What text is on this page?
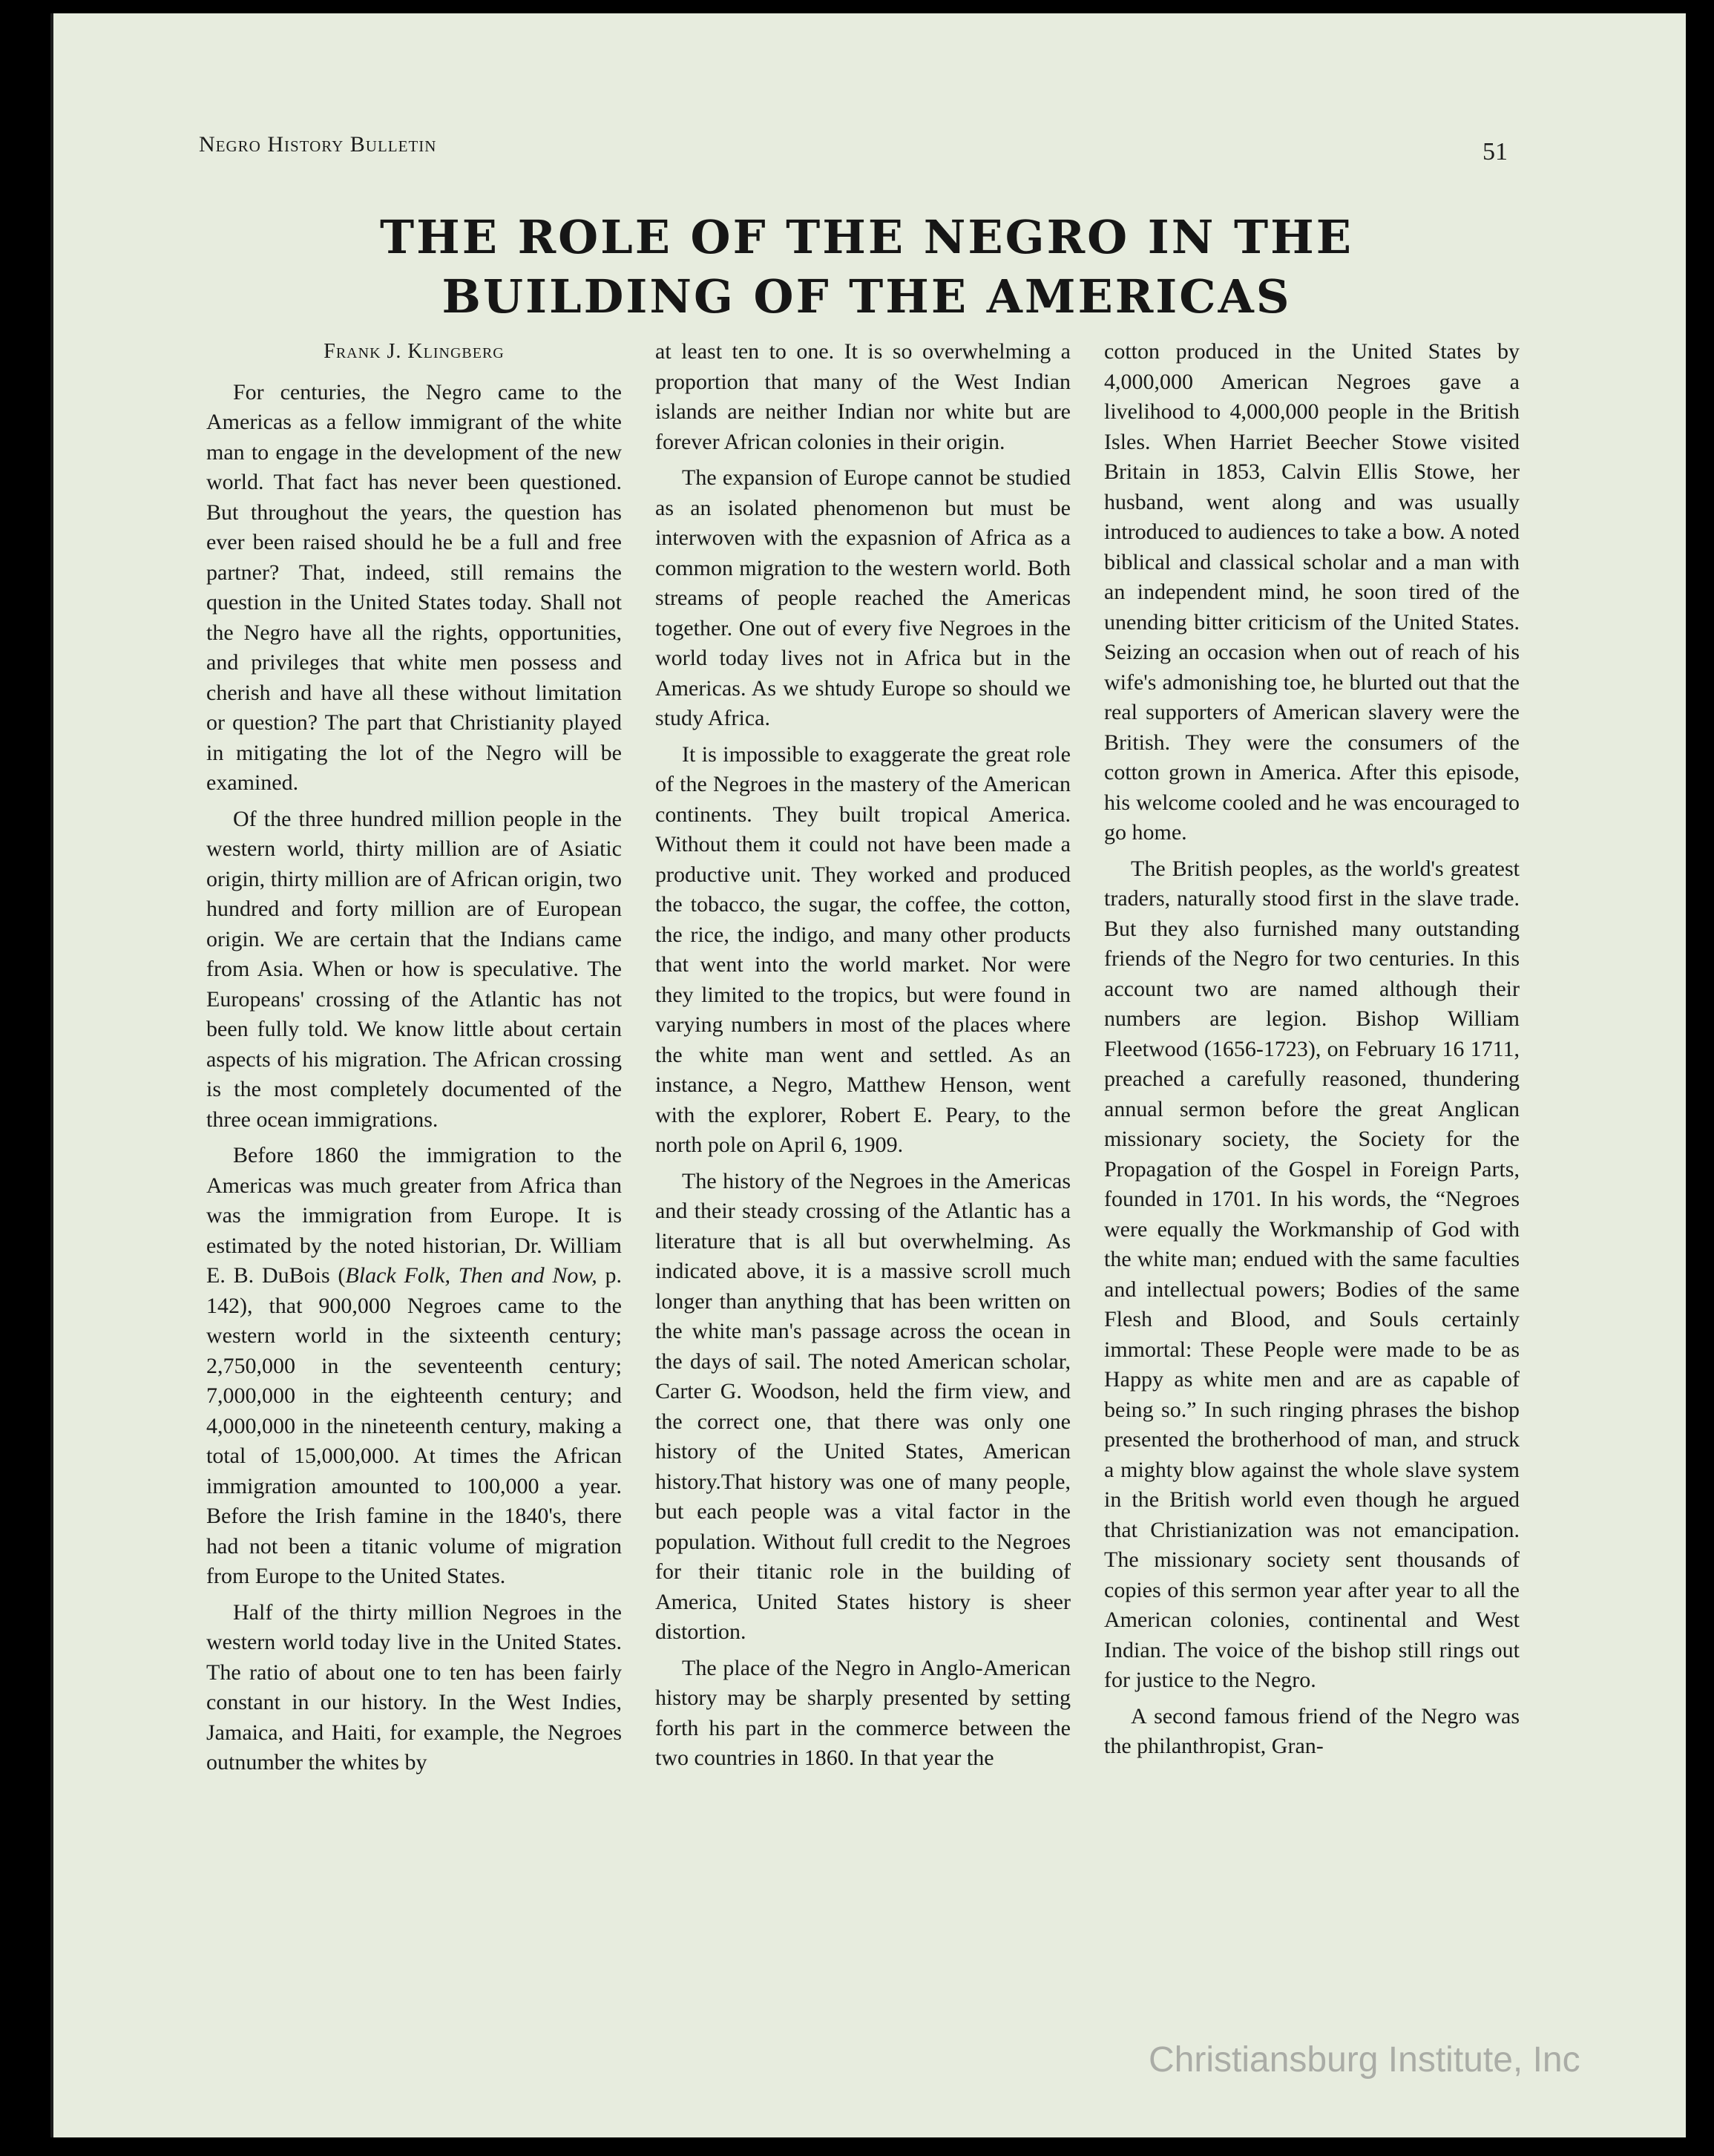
Negro History Bulletin	51
THE ROLE OF THE NEGRO IN THE
BUILDING OF THE AMERICAS
Frank J. Klingberg

For centuries, the Negro came to the Americas as a fellow immigrant of the white man to engage in the development of the new world. That fact has never been questioned. But throughout the years, the question has ever been raised should he be a full and free partner? That, indeed, still remains the question in the United States today. Shall not the Negro have all the rights, opportunities, and privileges that white men possess and cherish and have all these without limitation or question? The part that Christianity played in mitigating the lot of the Negro will be examined.

Of the three hundred million people in the western world, thirty million are of Asiatic origin, thirty million are of African origin, two hundred and forty million are of European origin. We are certain that the Indians came from Asia. When or how is speculative. The Europeans' crossing of the Atlantic has not been fully told. We know little about certain aspects of his migration. The African crossing is the most completely documented of the three ocean immigrations.

Before 1860 the immigration to the Americas was much greater from Africa than was the immigration from Europe. It is estimated by the noted historian, Dr. William E. B. DuBois (Black Folk, Then and Now, p. 142), that 900,000 Negroes came to the western world in the sixteenth century; 2,750,000 in the seventeenth century; 7,000,000 in the eighteenth century; and 4,000,000 in the nineteenth century, making a total of 15,000,000. At times the African immigration amounted to 100,000 a year. Before the Irish famine in the 1840's, there had not been a titanic volume of migration from Europe to the United States.

Half of the thirty million Negroes in the western world today live in the United States. The ratio of about one to ten has been fairly constant in our history. In the West Indies, Jamaica, and Haiti, for example, the Negroes outnumber the whites by

at least ten to one. It is so overwhelming a proportion that many of the West Indian islands are neither Indian nor white but are forever African colonies in their origin.

The expansion of Europe cannot be studied as an isolated phenomenon but must be interwoven with the expasnion of Africa as a common migration to the western world. Both streams of people reached the Americas together. One out of every five Negroes in the world today lives not in Africa but in the Americas. As we shtudy Europe so should we study Africa.

It is impossible to exaggerate the great role of the Negroes in the mastery of the American continents. They built tropical America. Without them it could not have been made a productive unit. They worked and produced the tobacco, the sugar, the coffee, the cotton, the rice, the indigo, and many other products that went into the world market. Nor were they limited to the tropics, but were found in varying numbers in most of the places where the white man went and settled. As an instance, a Negro, Matthew Henson, went with the explorer, Robert E. Peary, to the north pole on April 6, 1909.

The history of the Negroes in the Americas and their steady crossing of the Atlantic has a literature that is all but overwhelming. As indicated above, it is a massive scroll much longer than anything that has been written on the white man's passage across the ocean in the days of sail. The noted American scholar, Carter G. Woodson, held the firm view, and the correct one, that there was only one history of the United States, American history.That history was one of many people, but each people was a vital factor in the population. Without full credit to the Negroes for their titanic role in the building of America, United States history is sheer distortion.

The place of the Negro in Anglo-American history may be sharply presented by setting forth his part in the commerce between the two countries in 1860. In that year the

cotton produced in the United States by 4,000,000 American Negroes gave a livelihood to 4,000,000 people in the British Isles. When Harriet Beecher Stowe visited Britain in 1853, Calvin Ellis Stowe, her husband, went along and was usually introduced to audiences to take a bow. A noted biblical and classical scholar and a man with an independent mind, he soon tired of the unending bitter criticism of the United States. Seizing an occasion when out of reach of his wife's admonishing toe, he blurted out that the real supporters of American slavery were the British. They were the consumers of the cotton grown in America. After this episode, his welcome cooled and he was encouraged to go home.

The British peoples, as the world's greatest traders, naturally stood first in the slave trade. But they also furnished many outstanding friends of the Negro for two centuries. In this account two are named although their numbers are legion. Bishop William Fleetwood (1656-1723), on February 16 1711, preached a carefully reasoned, thundering annual sermon before the great Anglican missionary society, the Society for the Propagation of the Gospel in Foreign Parts, founded in 1701. In his words, the “Negroes were equally the Workmanship of God with the white man; endued with the same faculties and intellectual powers; Bodies of the same Flesh and Blood, and Souls certainly immortal: These People were made to be as Happy as white men and are as capable of being so.” In such ringing phrases the bishop presented the brotherhood of man, and struck a mighty blow against the whole slave system in the British world even though he argued that Christianization was not emancipation. The missionary society sent thousands of copies of this sermon year after year to all the American colonies, continental and West Indian. The voice of the bishop still rings out for justice to the Negro.

A second famous friend of the Negro was the philanthropist, Gran-

Christiansburg Institute, Inc
